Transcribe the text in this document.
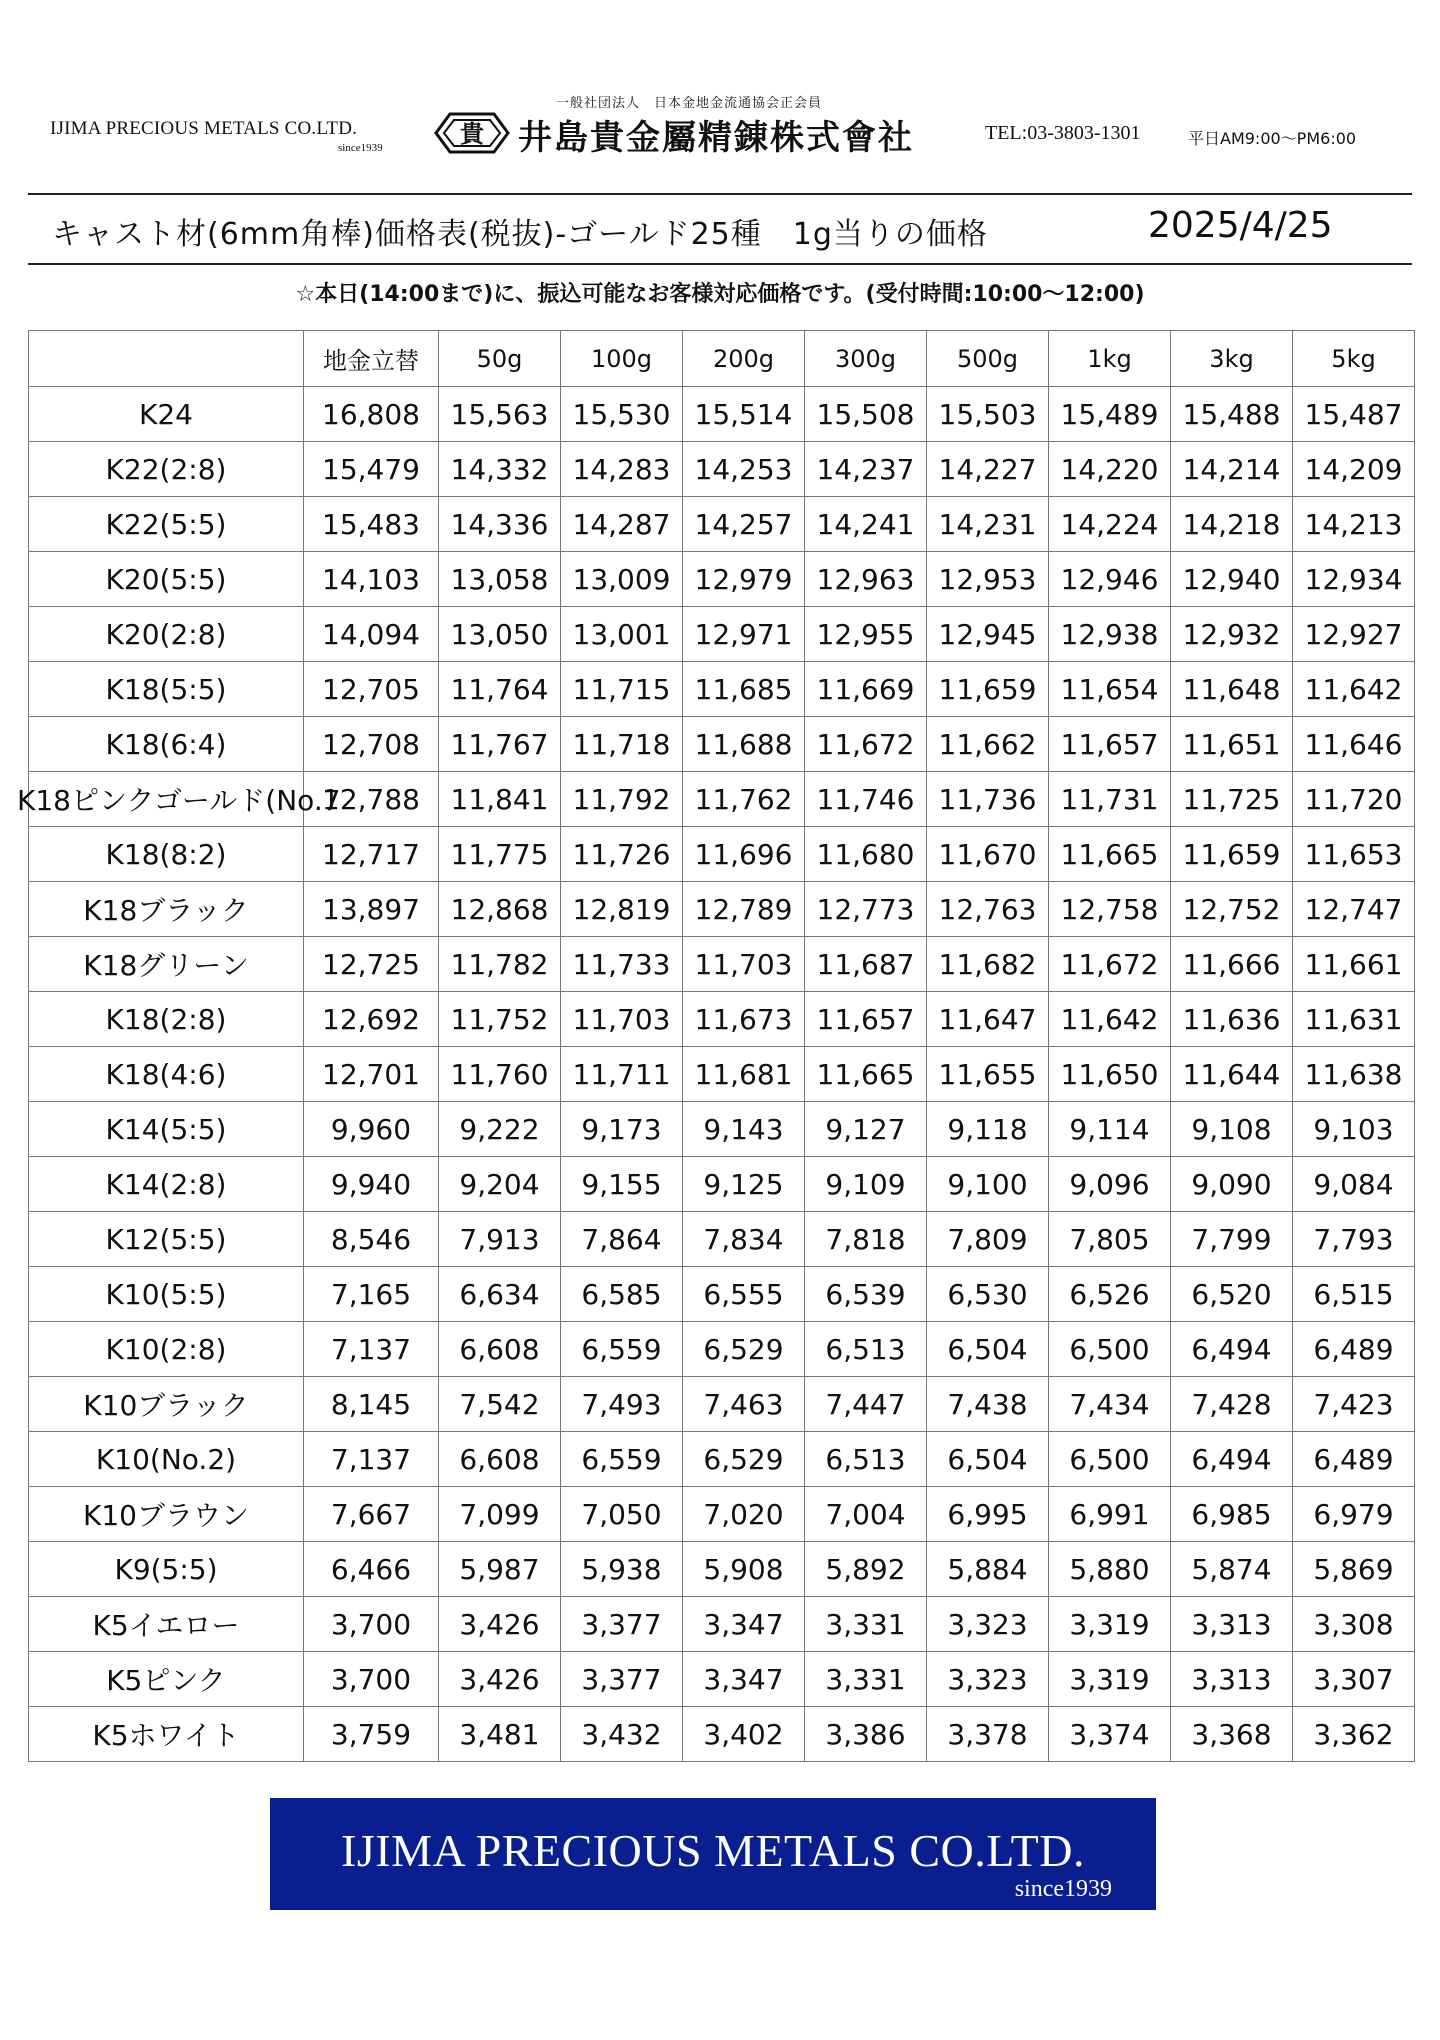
IJIMA PRECIOUS METALS CO.LTD.
since1939
一般社団法人　日本金地金流通協会正会員
貴 井島貴金屬精錬株式會社	TEL:03-3803-1301	平日AM9:00～PM6:00
キャスト材(6mm角棒)価格表(税抜)-ゴールド25種　1g当りの価格	2025/4/25
☆本日(14:00まで)に、振込可能なお客様対応価格です。(受付時間:10:00～12:00)
	地金立替	50g	100g	200g	300g	500g	1kg	3kg	5kg
K24	16,808	15,563	15,530	15,514	15,508	15,503	15,489	15,488	15,487
K22(2:8)	15,479	14,332	14,283	14,253	14,237	14,227	14,220	14,214	14,209
K22(5:5)	15,483	14,336	14,287	14,257	14,241	14,231	14,224	14,218	14,213
K20(5:5)	14,103	13,058	13,009	12,979	12,963	12,953	12,946	12,940	12,934
K20(2:8)	14,094	13,050	13,001	12,971	12,955	12,945	12,938	12,932	12,927
K18(5:5)	12,705	11,764	11,715	11,685	11,669	11,659	11,654	11,648	11,642
K18(6:4)	12,708	11,767	11,718	11,688	11,672	11,662	11,657	11,651	11,646
K18ピンクゴールド(No.7	12,788	11,841	11,792	11,762	11,746	11,736	11,731	11,725	11,720
K18(8:2)	12,717	11,775	11,726	11,696	11,680	11,670	11,665	11,659	11,653
K18ブラック	13,897	12,868	12,819	12,789	12,773	12,763	12,758	12,752	12,747
K18グリーン	12,725	11,782	11,733	11,703	11,687	11,682	11,672	11,666	11,661
K18(2:8)	12,692	11,752	11,703	11,673	11,657	11,647	11,642	11,636	11,631
K18(4:6)	12,701	11,760	11,711	11,681	11,665	11,655	11,650	11,644	11,638
K14(5:5)	9,960	9,222	9,173	9,143	9,127	9,118	9,114	9,108	9,103
K14(2:8)	9,940	9,204	9,155	9,125	9,109	9,100	9,096	9,090	9,084
K12(5:5)	8,546	7,913	7,864	7,834	7,818	7,809	7,805	7,799	7,793
K10(5:5)	7,165	6,634	6,585	6,555	6,539	6,530	6,526	6,520	6,515
K10(2:8)	7,137	6,608	6,559	6,529	6,513	6,504	6,500	6,494	6,489
K10ブラック	8,145	7,542	7,493	7,463	7,447	7,438	7,434	7,428	7,423
K10(No.2)	7,137	6,608	6,559	6,529	6,513	6,504	6,500	6,494	6,489
K10ブラウン	7,667	7,099	7,050	7,020	7,004	6,995	6,991	6,985	6,979
K9(5:5)	6,466	5,987	5,938	5,908	5,892	5,884	5,880	5,874	5,869
K5イエロー	3,700	3,426	3,377	3,347	3,331	3,323	3,319	3,313	3,308
K5ピンク	3,700	3,426	3,377	3,347	3,331	3,323	3,319	3,313	3,307
K5ホワイト	3,759	3,481	3,432	3,402	3,386	3,378	3,374	3,368	3,362
IJIMA PRECIOUS METALS CO.LTD.
since1939
